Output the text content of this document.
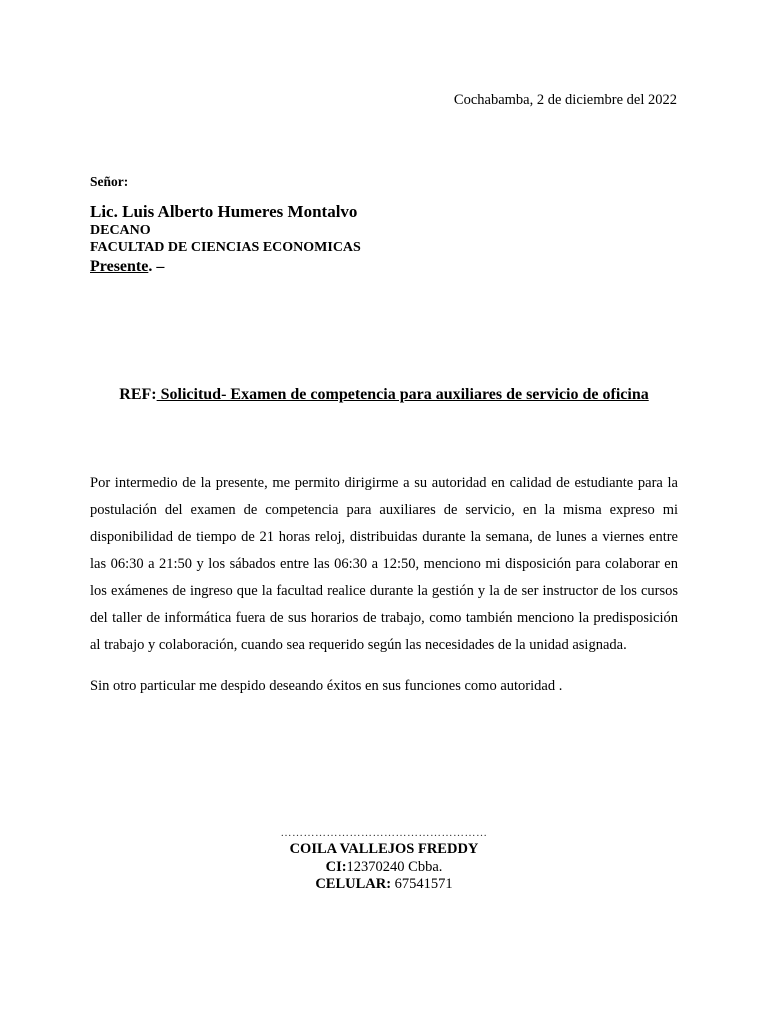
Cochabamba, 2 de diciembre del 2022
Señor:
Lic. Luis Alberto Humeres Montalvo
DECANO
FACULTAD DE CIENCIAS ECONOMICAS
Presente. –
REF: Solicitud- Examen de competencia para auxiliares de servicio de oficina

Por intermedio de la presente, me permito dirigirme a su autoridad en calidad de estudiante para la postulación del examen de competencia para auxiliares de servicio, en la misma expreso mi disponibilidad de tiempo de 21 horas reloj, distribuidas durante la semana, de lunes a viernes entre las 06:30 a 21:50 y los sábados entre las 06:30 a 12:50, menciono mi disposición para colaborar en los exámenes de ingreso que la facultad realice durante la gestión y la de ser instructor de los cursos del taller de informática fuera de sus horarios de trabajo, como también menciono la predisposición al trabajo y colaboración, cuando sea requerido según las necesidades de la unidad asignada.

Sin otro particular me despido deseando éxitos en sus funciones como autoridad .

………………………………………………
COILA VALLEJOS FREDDY
CI:12370240 Cbba.
CELULAR: 67541571
